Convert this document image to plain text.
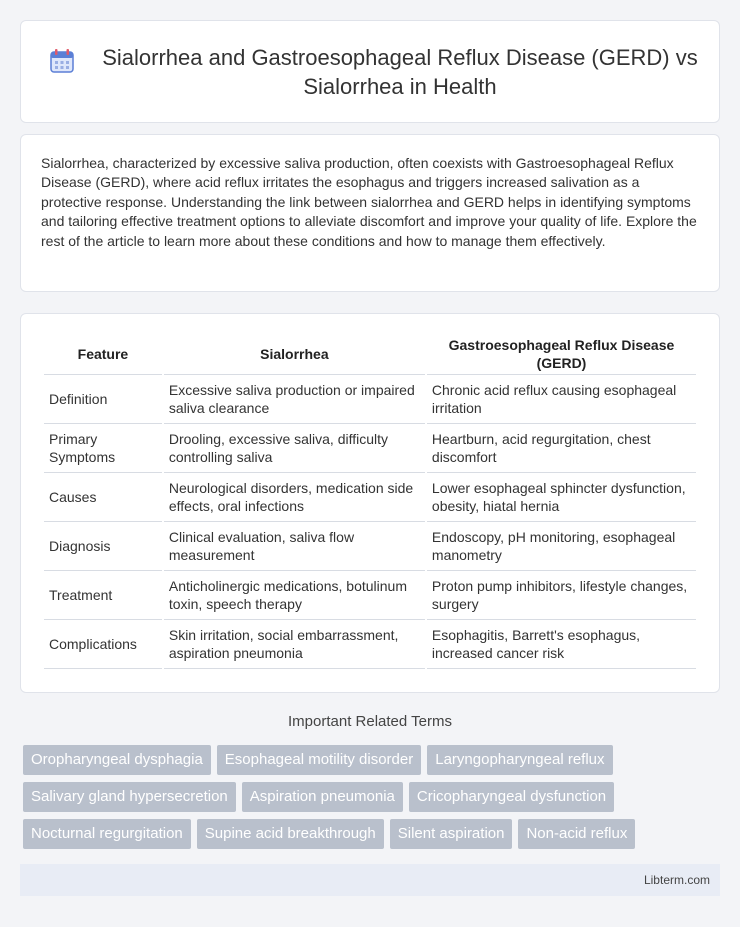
Sialorrhea and Gastroesophageal Reflux Disease (GERD) vs Sialorrhea in Health

Sialorrhea, characterized by excessive saliva production, often coexists with Gastroesophageal Reflux Disease (GERD), where acid reflux irritates the esophagus and triggers increased salivation as a protective response. Understanding the link between sialorrhea and GERD helps in identifying symptoms and tailoring effective treatment options to alleviate discomfort and improve your quality of life. Explore the rest of the article to learn more about these conditions and how to manage them effectively.

Feature	Sialorrhea	Gastroesophageal Reflux Disease (GERD)
Definition	Excessive saliva production or impaired saliva clearance	Chronic acid reflux causing esophageal irritation
Primary Symptoms	Drooling, excessive saliva, difficulty controlling saliva	Heartburn, acid regurgitation, chest discomfort
Causes	Neurological disorders, medication side effects, oral infections	Lower esophageal sphincter dysfunction, obesity, hiatal hernia
Diagnosis	Clinical evaluation, saliva flow measurement	Endoscopy, pH monitoring, esophageal manometry
Treatment	Anticholinergic medications, botulinum toxin, speech therapy	Proton pump inhibitors, lifestyle changes, surgery
Complications	Skin irritation, social embarrassment, aspiration pneumonia	Esophagitis, Barrett's esophagus, increased cancer risk
Important Related Terms
Oropharyngeal dysphagia	Esophageal motility disorder	Laryngopharyngeal reflux
Salivary gland hypersecretion	Aspiration pneumonia	Cricopharyngeal dysfunction
Nocturnal regurgitation	Supine acid breakthrough	Silent aspiration	Non-acid reflux
Libterm.com
